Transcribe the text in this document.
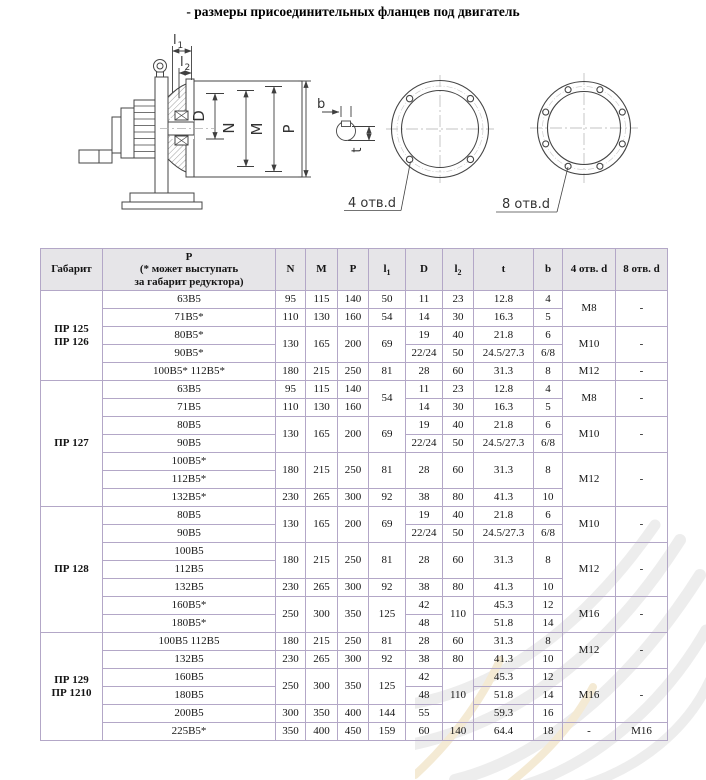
- размеры присоединительных фланцев под двигатель
l 1
l 2
D
N M P
b
t
4 отв.d	8 отв.d
Габарит	Р
(* может выступать
за габарит редуктора)	N	M	P	$l_1$	D	$l_2$	t	b	4 отв. d	8 отв. d
ПР 125
ПР 126	63B5	95	115	140	50	11	23	12.8	4	M8	-
	71B5*	110	130	160	54	14	30	16.3	5		
	80B5*	130	165	200	69	19	40	21.8	6	M10	-
	90B5*					22/24	50	24.5/27.3	6/8		
	100B5* 112B5*	180	215	250	81	28	60	31.3	8	M12	-
ПР 127	63B5	95	115	140	54	11	23	12.8	4	M8	-
	71B5	110	130	160		14	30	16.3	5		
	80B5	130	165	200	69	19	40	21.8	6	M10	-
	90B5					22/24	50	24.5/27.3	6/8		
	100B5*	180	215	250	81	28	60	31.3	8	M12	-
	112B5*										
	132B5*	230	265	300	92	38	80	41.3	10		
ПР 128	80B5	130	165	200	69	19	40	21.8	6	M10	-
	90B5					22/24	50	24.5/27.3	6/8		
	100B5	180	215	250	81	28	60	31.3	8	M12	-
	112B5										
	132B5	230	265	300	92	38	80	41.3	10		
	160B5*	250	300	350	125	42	110	45.3	12	M16	-
	180B5*					48		51.8	14		
ПР 129
ПР 1210	100B5 112B5	180	215	250	81	28	60	31.3	8	M12	-
	132B5	230	265	300	92	38	80	41.3	10		
	160B5	250	300	350	125	42	110	45.3	12	M16	-
	180B5					48		51.8	14		
	200B5	300	350	400	144	55		59.3	16		
	225B5*	350	400	450	159	60	140	64.4	18	-	M16
